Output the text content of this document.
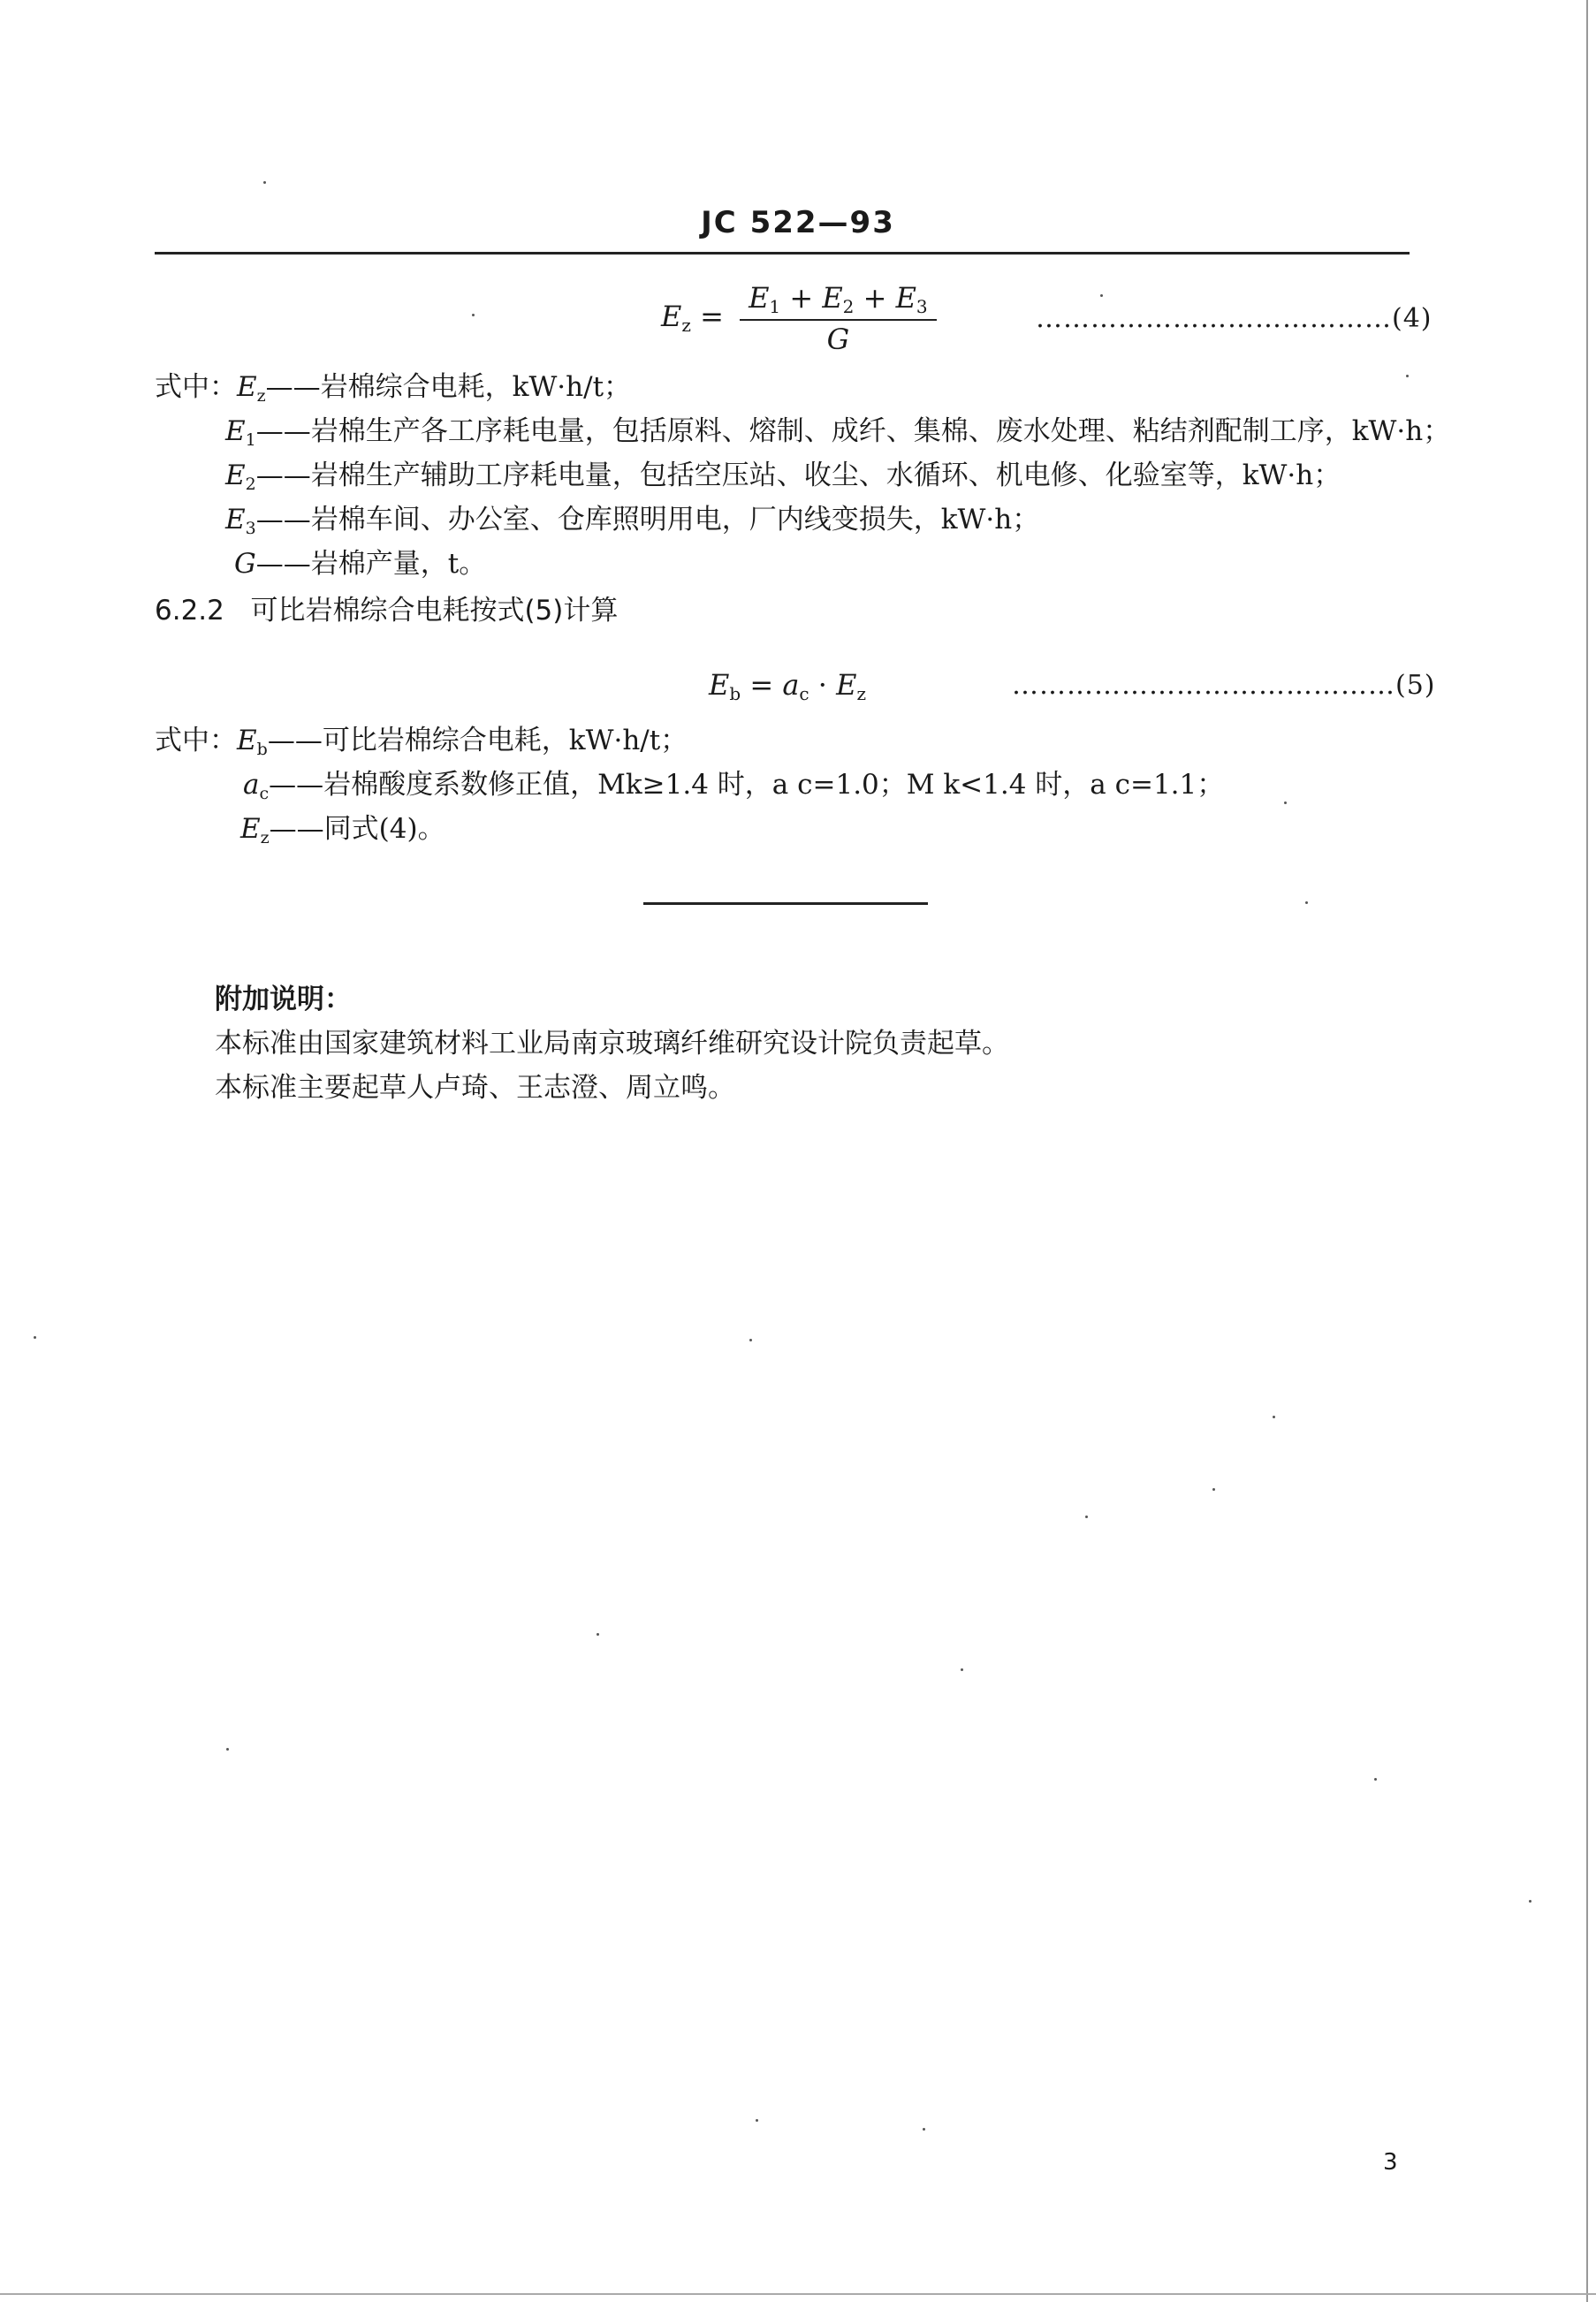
JC 522—93
$E_z = \frac{E_1 + E_2 + E_3}{G}$	…………………………………(4)
式中：$E_z——$岩棉综合电耗，kW·h/t；
$E_1——$岩棉生产各工序耗电量，包括原料、熔制、成纤、集棉、废水处理、粘结剂配制工序，kW·h；
$E_2——$岩棉生产辅助工序耗电量，包括空压站、收尘、水循环、机电修、化验室等，kW·h；
$E_3——$岩棉车间、办公室、仓库照明用电，厂内线变损失，kW·h；
G——岩棉产量，t。
6.2.2 可比岩棉综合电耗按式(5)计算
$E_b = a_c \cdot E_z$	……………………………………(5)
式中：$E_b——$可比岩棉综合电耗，kW·h/t；
$a_c——$岩棉酸度系数修正值，Mk≥1.4 时，a c=1.0；M k<1.4 时，a c=1.1；
$E_z——$同式(4)。
附加说明：
本标准由国家建筑材料工业局南京玻璃纤维研究设计院负责起草。
本标准主要起草人卢琦、王志澄、周立鸣。
3
